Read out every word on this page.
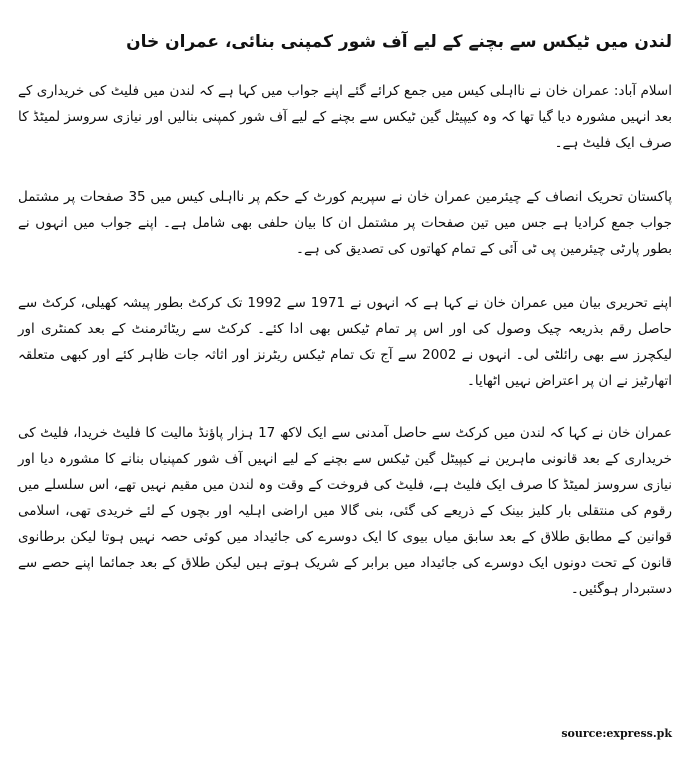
لندن میں ٹیکس سے بچنے کے لیے آف شور کمپنی بنائی، عمران خان

اسلام آباد: عمران خان نے نااہلی کیس میں جمع کرائے گئے اپنے جواب میں کہا ہے کہ لندن میں فلیٹ کی خریداری کے بعد انہیں مشورہ دیا گیا تھا کہ وہ کیپیٹل گین ٹیکس سے بچنے کے لیے آف شور کمپنی بنالیں اور نیازی سروسز لمیٹڈ کا صرف ایک فلیٹ ہے۔

پاکستان تحریک انصاف کے چیئرمین عمران خان نے سپریم کورٹ کے حکم پر نااہلی کیس میں 35 صفحات پر مشتمل جواب جمع کرادیا ہے جس میں تین صفحات پر مشتمل ان کا بیان حلفی بھی شامل ہے۔ اپنے جواب میں انہوں نے بطور پارٹی چیئرمین پی ٹی آئی کے تمام کھاتوں کی تصدیق کی ہے۔

اپنے تحریری بیان میں عمران خان نے کہا ہے کہ انہوں نے 1971 سے 1992 تک کرکٹ بطور پیشہ کھیلی، کرکٹ سے حاصل رقم بذریعہ چیک وصول کی اور اس پر تمام ٹیکس بھی ادا کئے۔ کرکٹ سے ریٹائرمنٹ کے بعد کمنٹری اور لیکچرز سے بھی رائلٹی لی۔ انہوں نے 2002 سے آج تک تمام ٹیکس ریٹرنز اور اثاثہ جات ظاہر کئے اور کبھی متعلقہ اتھارٹیز نے ان پر اعتراض نہیں اٹھایا۔

عمران خان نے کہا کہ لندن میں کرکٹ سے حاصل آمدنی سے ایک لاکھ 17 ہزار پاؤنڈ مالیت کا فلیٹ خریدا، فلیٹ کی خریداری کے بعد قانونی ماہرین نے کیپیٹل گین ٹیکس سے بچنے کے لیے انہیں آف شور کمپنیاں بنانے کا مشورہ دیا اور نیازی سروسز لمیٹڈ کا صرف ایک فلیٹ ہے، فلیٹ کی فروخت کے وقت وہ لندن میں مقیم نہیں تھے، اس سلسلے میں رقوم کی منتقلی بار کلیز بینک کے ذریعے کی گئی، بنی گالا میں اراضی اہلیہ اور بچوں کے لئے خریدی تھی، اسلامی قوانین کے مطابق طلاق کے بعد سابق میاں بیوی کا ایک دوسرے کی جائیداد میں کوئی حصہ نہیں ہوتا لیکن برطانوی قانون کے تحت دونوں ایک دوسرے کی جائیداد میں برابر کے شریک ہوتے ہیں لیکن طلاق کے بعد جمائما اپنے حصے سے دستبردار ہوگئیں۔

source:express.pk
